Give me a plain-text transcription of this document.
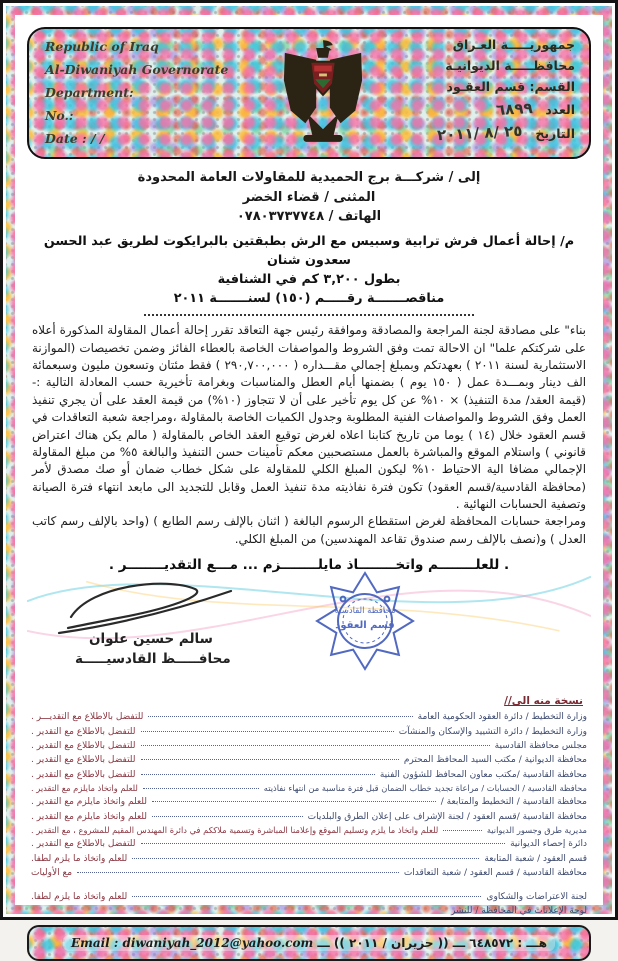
Republic of Iraq
Al-Diwaniyah Governorate
Department:
No.:
Date : / /
جمهوريـــــة العـراق
محافظـــــة الديوانيـة
القسم: قسم العقـود
العدد ٦٨٩٩
التاريخ ٢٥ /٨ /٢٠١١
إلى / شركـــة برج الحميدية للمقاولات العامة المحدودة
المثنى / قضاء الخضر
الهاتف / ٠٧٨٠٣٧٣٧٧٤٨
م/ إحالة أعمال فرش ترابية وسبيس مع الرش بطبقتين بالبرايكوت لطريق عبد الحسن سعدون شنان
بطول ٣,٢٠٠ كم في الشنافية
مناقصـــــــة رقـــــم (١٥٠) لسنـــــــة ٢٠١١

بناء" على مصادقة لجنة المراجعة والمصادقة وموافقة رئيس جهة التعاقد تقرر إحالة أعمال المقاولة المذكورة أعلاه على شركتكم علما" ان الاحالة تمت وفق الشروط والمواصفات الخاصة بالعطاء الفائز وضمن تخصيصات (الموازنة الاستثمارية لسنة ٢٠١١ ) بعهدتكم وبمبلغ إجمالي مقـــداره ( ٢٩٠,٧٠٠,٠٠٠ ) فقط مئتان وتسعون مليون وسبعمائة الف دينار وبمـــدة عمل ( ١٥٠ يوم ) بضمنها أيام العطل والمناسبات وبغرامة تأخيرية حسب المعادلة التالية :- (قيمة العقد/ مدة التنفيذ) × ١٠% عن كل يوم تأخير على أن لا تتجاوز (١٠%) من قيمة العقد على أن يجري تنفيذ العمل وفق الشروط والمواصفات الفنية المطلوبة وجدول الكميات الخاصة بالمقاولة ،ومراجعة شعبة التعاقدات في قسم العقود خلال (١٤ ) يوما من تاريخ كتابنا اعلاه لغرض توقيع العقد الخاص بالمقاولة ( مالم يكن هناك اعتراض قانوني ) واستلام الموقع والمباشرة بالعمل مستصحبين معكم تأمينات حسن التنفيذ والبالغة ٥% من مبلغ المقاولة الإجمالي مضافا الية الاحتياط ١٠% ليكون المبلغ الكلي للمقاولة على شكل خطاب ضمان أو صك مصدق لأمر (محافظة القادسية/قسم العقود) تكون فترة نفاذيته مدة تنفيذ العمل وقابل للتجديد الى مابعد انتهاء فترة الصيانة وتصفية الحسابات النهائية .

ومراجعة حسابات المحافظة لغرض استقطاع الرسوم البالغة ( اثنان بالإلف رسم الطابع ) (واحد بالإلف رسم كاتب العدل ) و(نصف بالإلف رسم صندوق تقاعد المهندسين) من المبلغ الكلي.

. للعلــــــــم واتخــــــــاذ مايلــــــــزم ... مـــع التقديــــــــر .
سالم حسين علوان
محافـــــظ القادسيـــــة
محافظة القادسية
قسم العقود
نسخة منه الى//
وزارة التخطيط / دائرة العقود الحكومية العامة
للتفضل بالاطلاع مع التقديـــر .
وزارة التخطيط / دائرة التشييد والإسكان والمنشآت
للتفضل بالاطلاع مع التقدير .
مجلس محافظة القادسية
للتفضل بالاطلاع مع التقدير .
محافظة الديوانية / مكتب السيد المحافظ المحترم
للتفضل بالاطلاع مع التقدير .
محافظة القادسية /مكتب معاون المحافظ للشؤون الفنية
للتفضل بالاطلاع مع التقدير .
محافظة القادسية / الحسابات / مراعاة تجديد خطاب الضمان قبل فترة مناسبة من انتهاء نفاذيته
للعلم واتخاذ مايلزم مع التقدير .
محافظة القادسية / التخطيط والمتابعة /
للعلم واتخاذ مايلزم مع التقدير .
محافظة القادسية /قسم العقود / لجنة الإشراف على إعلان الطرق والبلديات
للعلم واتخاذ مايلزم مع التقدير .
مديرية طرق وجسور الديوانية
للعلم واتخاذ ما يلزم وتسليم الموقع وإعلامنا المباشرة وتسمية ملاككم في دائرة المهندس المقيم للمشروع ، مع التقدير .
دائرة إحصاء الديوانية
للتفضل بالاطلاع مع التقدير .
قسم العقود / شعبة المتابعة
للعلم واتخاذ ما يلزم لطفا.
محافظة القادسية / قسم العقود / شعبة التعاقدات
مع الأوليات
لجنة الاعتراضات والشكاوى
للعلم واتخاذ ما يلزم لطفا.
لوحة الإعلانات في المحافظة / للنشر
هـــ : ٦٤٨٥٧٢ ـــ (( حزيران / ٢٠١١ )) ـــ Email : diwaniyah_2012@yahoo.com
